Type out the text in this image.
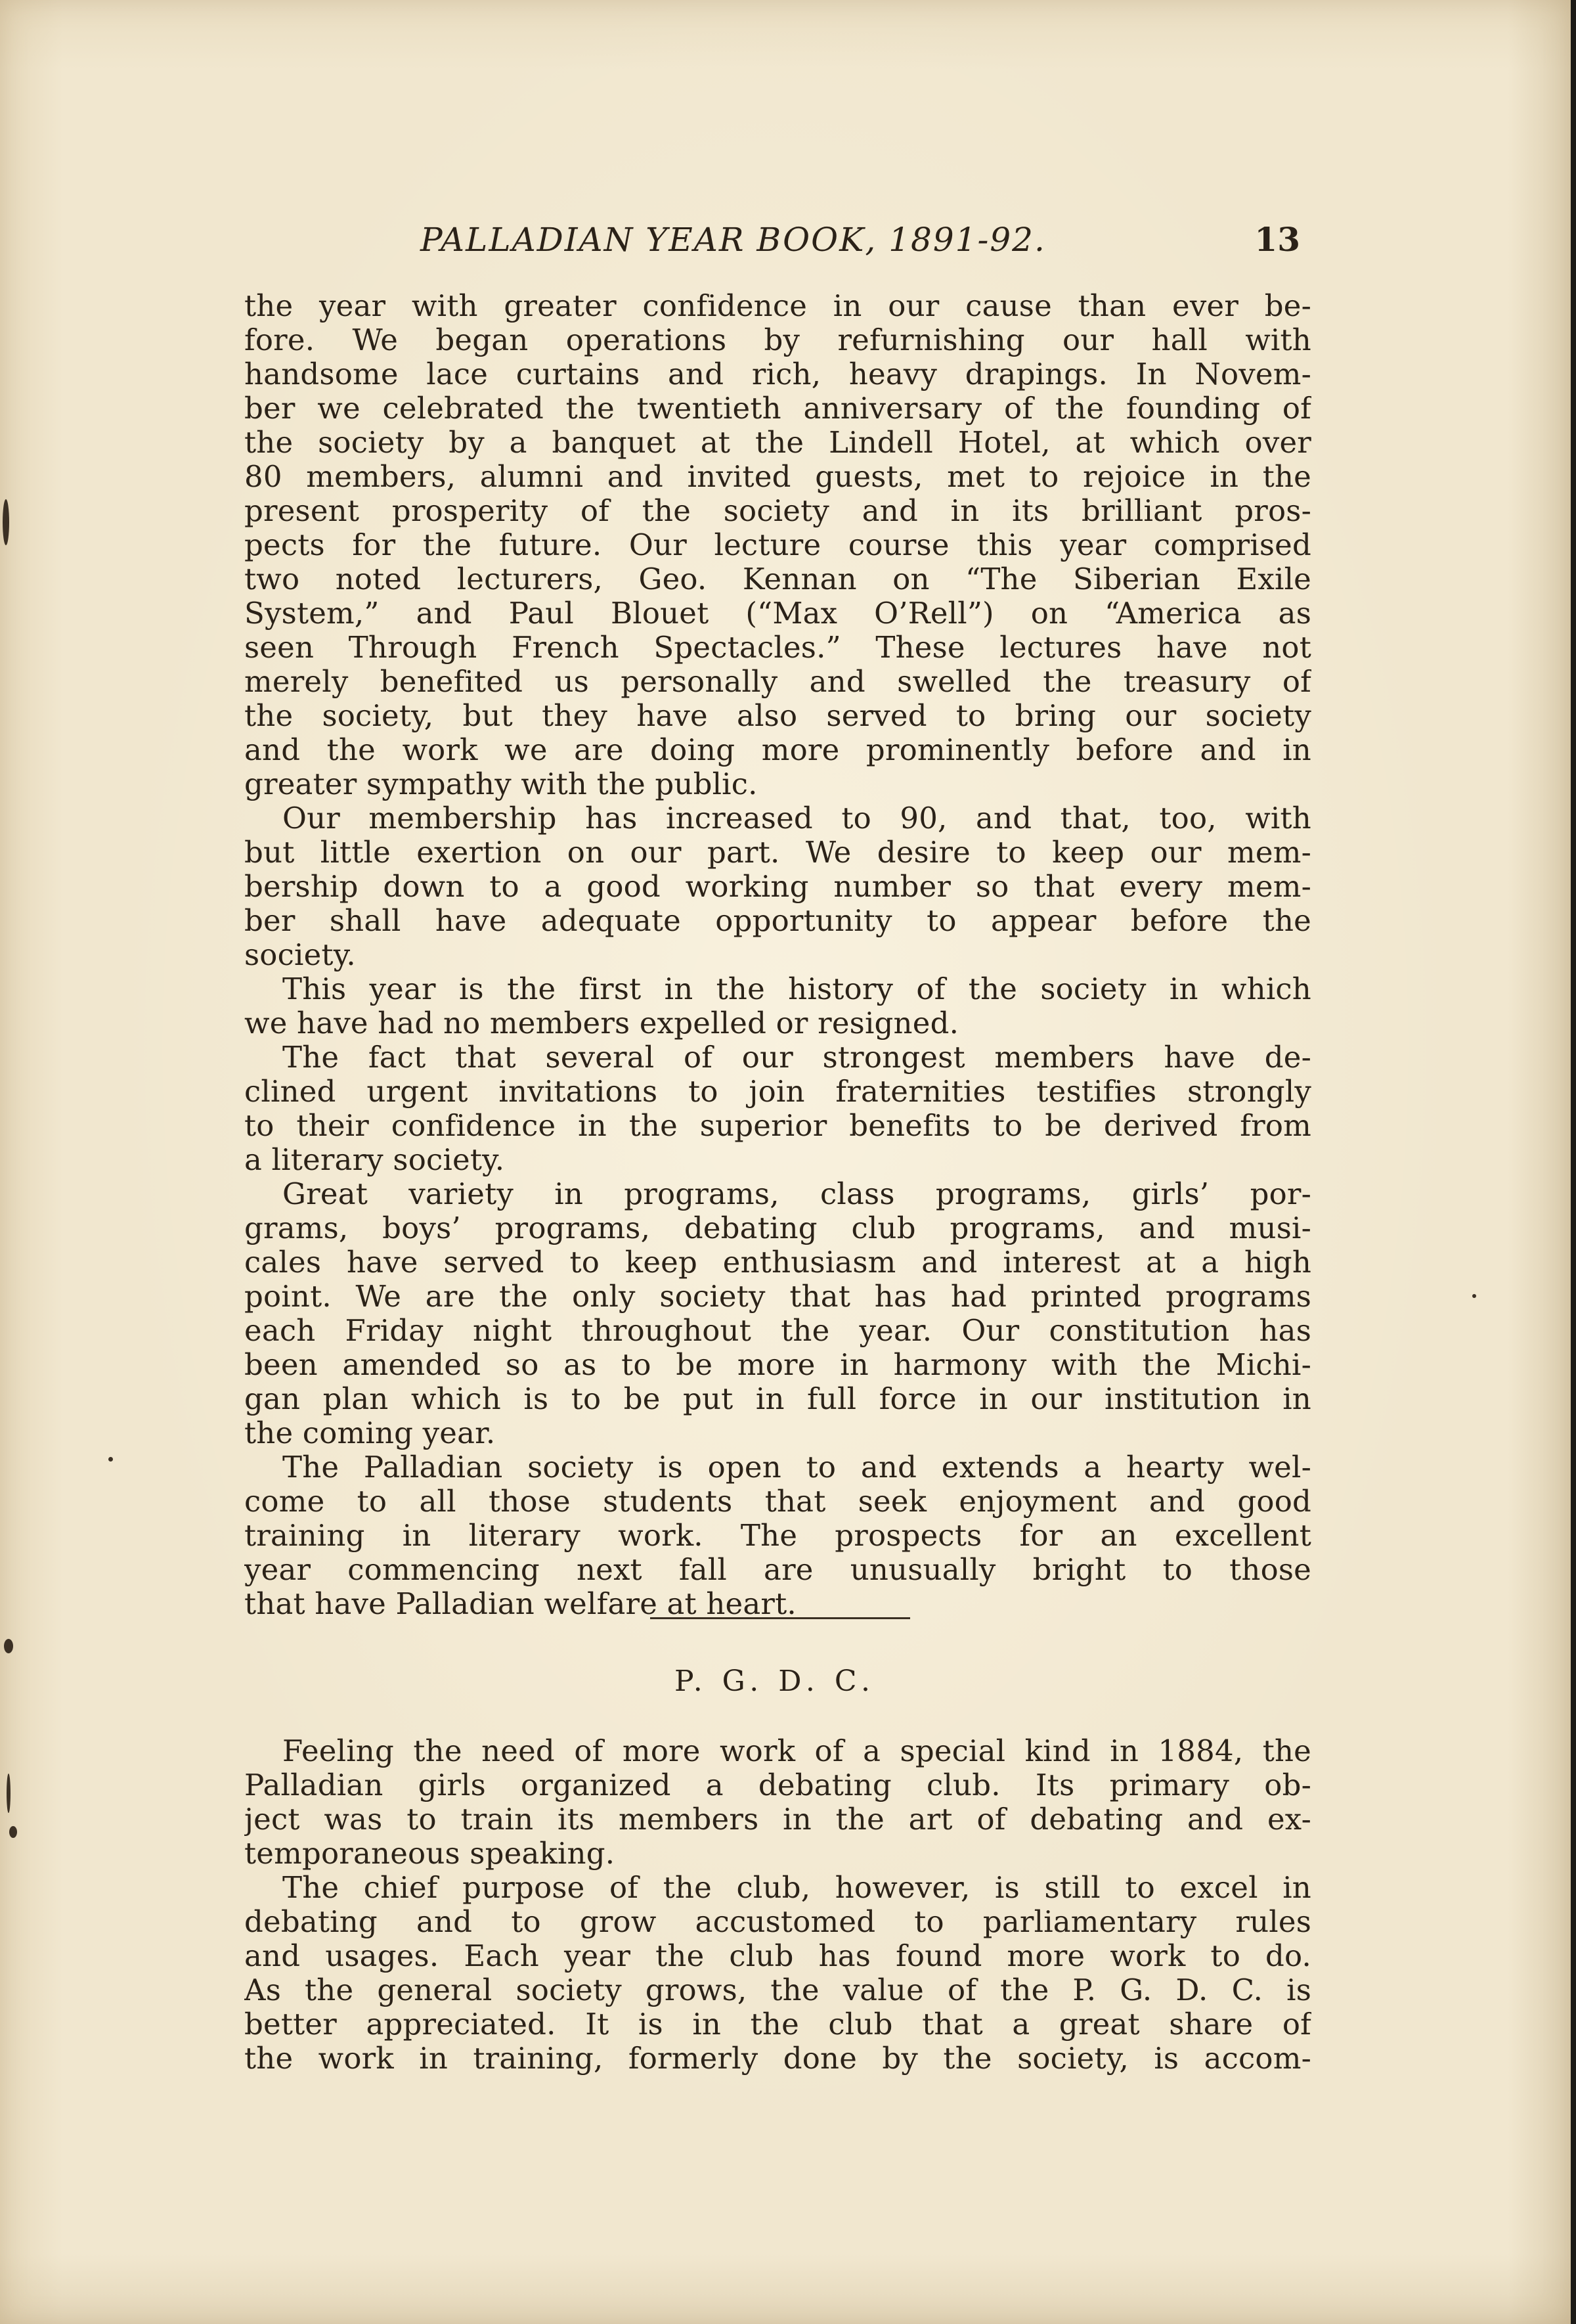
PALLADIAN YEAR BOOK, 1891-92.	13
the year with greater confidence in our cause than ever be-
fore. We began operations by refurnishing our hall with
handsome lace curtains and rich, heavy drapings. In Novem-
ber we celebrated the twentieth anniversary of the founding of
the society by a banquet at the Lindell Hotel, at which over
80 members, alumni and invited guests, met to rejoice in the
present prosperity of the society and in its brilliant pros-
pects for the future. Our lecture course this year comprised
two noted lecturers, Geo. Kennan on “The Siberian Exile
System,” and Paul Blouet (“Max O’Rell”) on “America as
seen Through French Spectacles.” These lectures have not
merely benefited us personally and swelled the treasury of
the society, but they have also served to bring our society
and the work we are doing more prominently before and in
greater sympathy with the public.
Our membership has increased to 90, and that, too, with
but little exertion on our part. We desire to keep our mem-
bership down to a good working number so that every mem-
ber shall have adequate opportunity to appear before the
society.
This year is the first in the history of the society in which
we have had no members expelled or resigned.
The fact that several of our strongest members have de-
clined urgent invitations to join fraternities testifies strongly
to their confidence in the superior benefits to be derived from
a literary society.
Great variety in programs, class programs, girls’ por-
grams, boys’ programs, debating club programs, and musi-
cales have served to keep enthusiasm and interest at a high
point. We are the only society that has had printed programs
each Friday night throughout the year. Our constitution has
been amended so as to be more in harmony with the Michi-
gan plan which is to be put in full force in our institution in
the coming year.
The Palladian society is open to and extends a hearty wel-
come to all those students that seek enjoyment and good
training in literary work. The prospects for an excellent
year commencing next fall are unusually bright to those
that have Palladian welfare at heart.
P. G. D. C.
Feeling the need of more work of a special kind in 1884, the
Palladian girls organized a debating club. Its primary ob-
ject was to train its members in the art of debating and ex-
temporaneous speaking.
The chief purpose of the club, however, is still to excel in
debating and to grow accustomed to parliamentary rules
and usages. Each year the club has found more work to do.
As the general society grows, the value of the P. G. D. C. is
better appreciated. It is in the club that a great share of
the work in training, formerly done by the society, is accom-
